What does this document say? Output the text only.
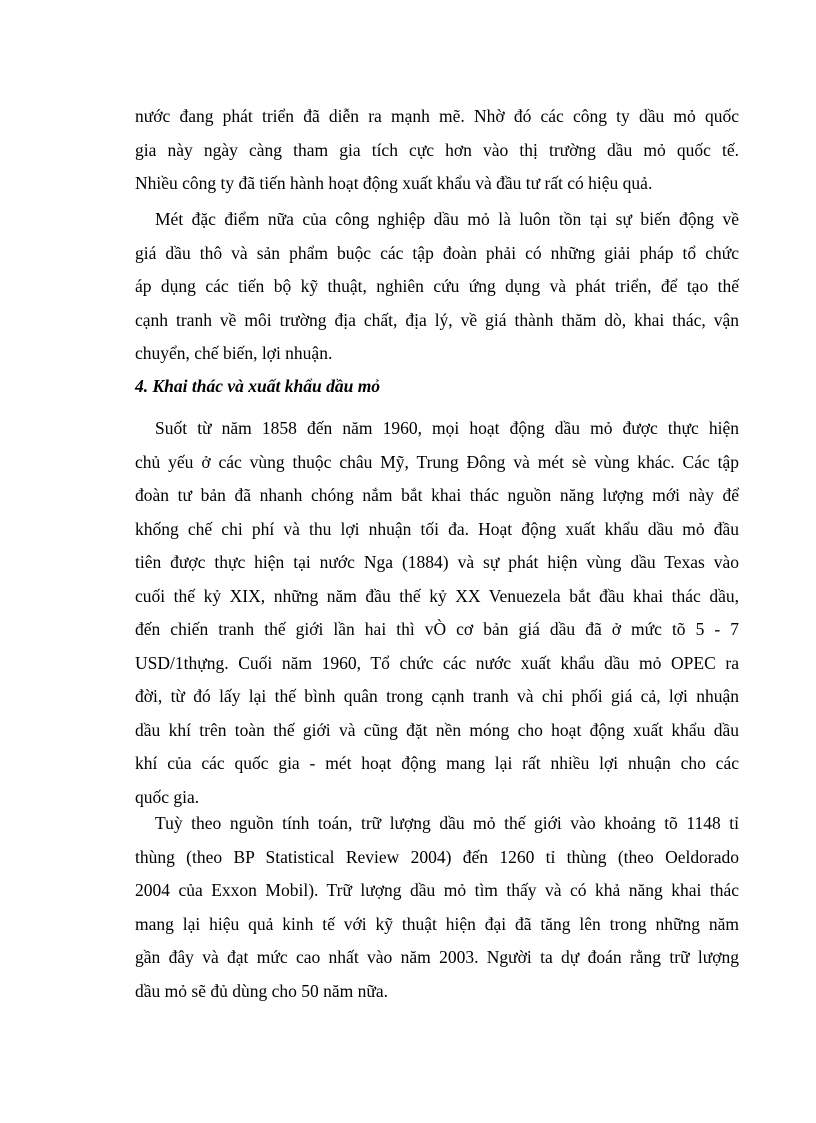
nước đang phát triển đã diễn ra mạnh mẽ. Nhờ đó các công ty dầu mỏ quốc
gia này ngày càng tham gia tích cực hơn vào thị trường dầu mỏ quốc tế.
Nhiều công ty đã tiến hành hoạt động xuất khẩu và đầu tư rất có hiệu quả.
Mét đặc điểm nữa của công nghiệp dầu mỏ là luôn tồn tại sự biến động về
giá dầu thô và sản phẩm buộc các tập đoàn phải có những giải pháp tổ chức
áp dụng các tiến bộ kỹ thuật, nghiên cứu ứng dụng và phát triển, để tạo thế
cạnh tranh về môi trường địa chất, địa lý, về giá thành thăm dò, khai thác, vận
chuyển, chế biến, lợi nhuận.
4. Khai thác và xuất khẩu dầu mỏ
Suốt từ năm 1858 đến năm 1960, mọi hoạt động dầu mỏ được thực hiện
chủ yếu ở các vùng thuộc châu Mỹ, Trung Đông và mét sè vùng khác. Các tập
đoàn tư bản đã nhanh chóng nắm bắt khai thác nguồn năng lượng mới này để
khống chế chi phí và thu lợi nhuận tối đa. Hoạt động xuất khẩu dầu mỏ đầu
tiên được thực hiện tại nước Nga (1884) và sự phát hiện vùng dầu Texas vào
cuối thế kỷ XIX, những năm đầu thế kỷ XX Venuezela bắt đầu khai thác dầu,
đến chiến tranh thế giới lần hai thì vÒ cơ bản giá dầu đã ở mức tõ 5 - 7
USD/1thựng. Cuối năm 1960, Tổ chức các nước xuất khẩu dầu mỏ OPEC ra
đời, từ đó lấy lại thế bình quân trong cạnh tranh và chi phối giá cả, lợi nhuận
dầu khí trên toàn thế giới và cũng đặt nền móng cho hoạt động xuất khẩu dầu
khí của các quốc gia - mét hoạt động mang lại rất nhiều lợi nhuận cho các
quốc gia.
Tuỳ theo nguồn tính toán, trữ lượng dầu mỏ thế giới vào khoảng tõ 1148 tỉ
thùng (theo BP Statistical Review 2004) đến 1260 tỉ thùng (theo Oeldorado
2004 của Exxon Mobil). Trữ lượng dầu mỏ tìm thấy và có khả năng khai thác
mang lại hiệu quả kinh tế với kỹ thuật hiện đại đã tăng lên trong những năm
gần đây và đạt mức cao nhất vào năm 2003. Người ta dự đoán rằng trữ lượng
dầu mỏ sẽ đủ dùng cho 50 năm nữa.
